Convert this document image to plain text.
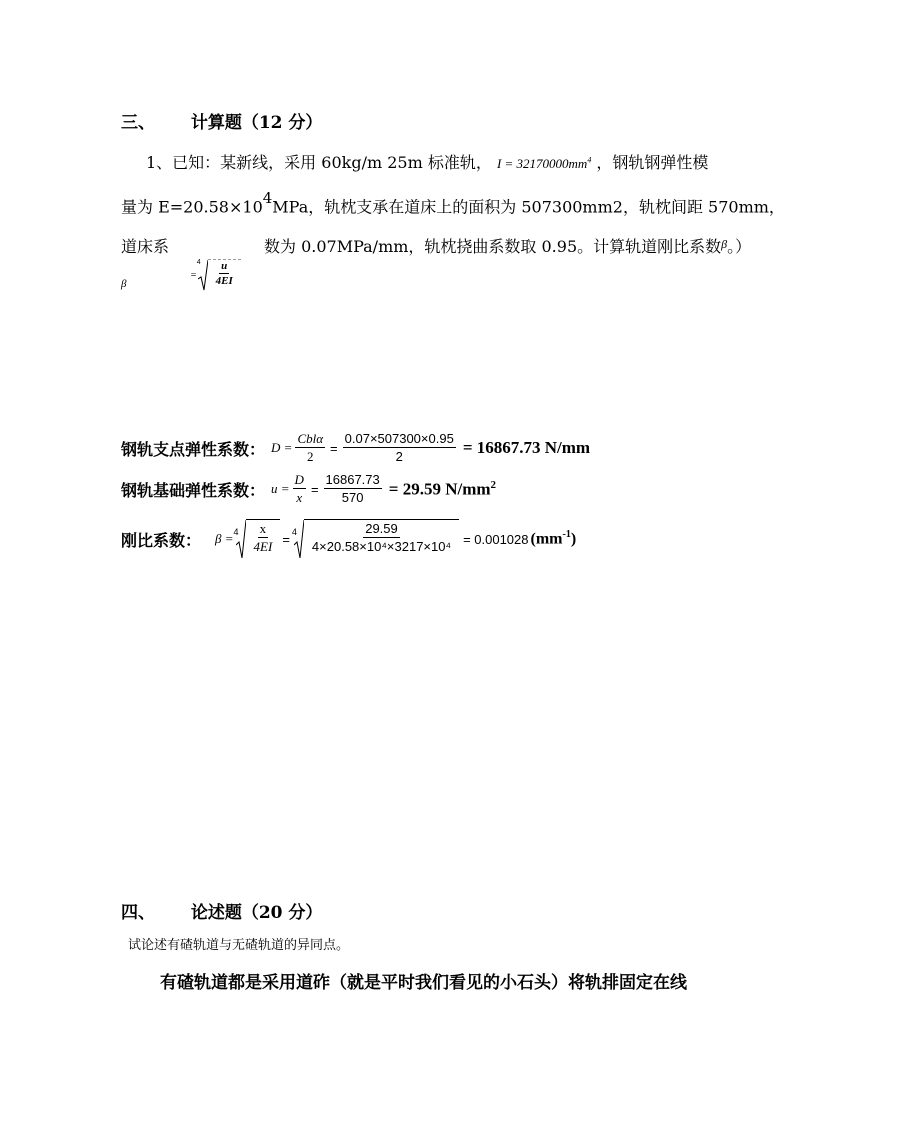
三、 计算题（12 分）
1、已知：某新线，采用 60kg/m 25m 标准轨， $I = 32170000mm^4$ ，钢轨钢弹性模
量为 $E=20.58\times 10^4MPa$，轨枕支承在道床上的面积为 507300mm2，轨枕间距 570mm，
道床系	数为 0.07MPa/mm，轨枕挠曲系数取 0.95。计算轨道刚比系数$^\beta$。）
β
=
$4 \frac{u}{4EI}$
钢轨支点弹性系数： $D = \frac{\text{Cblα}}{2} = \frac{0.07\times 507300\times 0.95}{2} = 16867.73$ N/mm
钢轨基础弹性系数： $u = \frac{D}{x} = \frac{16867.73}{570} = 29.59$ $N/mm^2$
刚比系数： $\beta = 4 \frac{x}{4EI} = 4 \frac{29.59}{\text{4×20.58×10⁴×3217×10⁴}} = 0.001028$ $(mm^{-1})$
四、 论述题（20 分）
试论述有碴轨道与无碴轨道的异同点。
有碴轨道都是采用道砟（就是平时我们看见的小石头）将轨排固定在线
